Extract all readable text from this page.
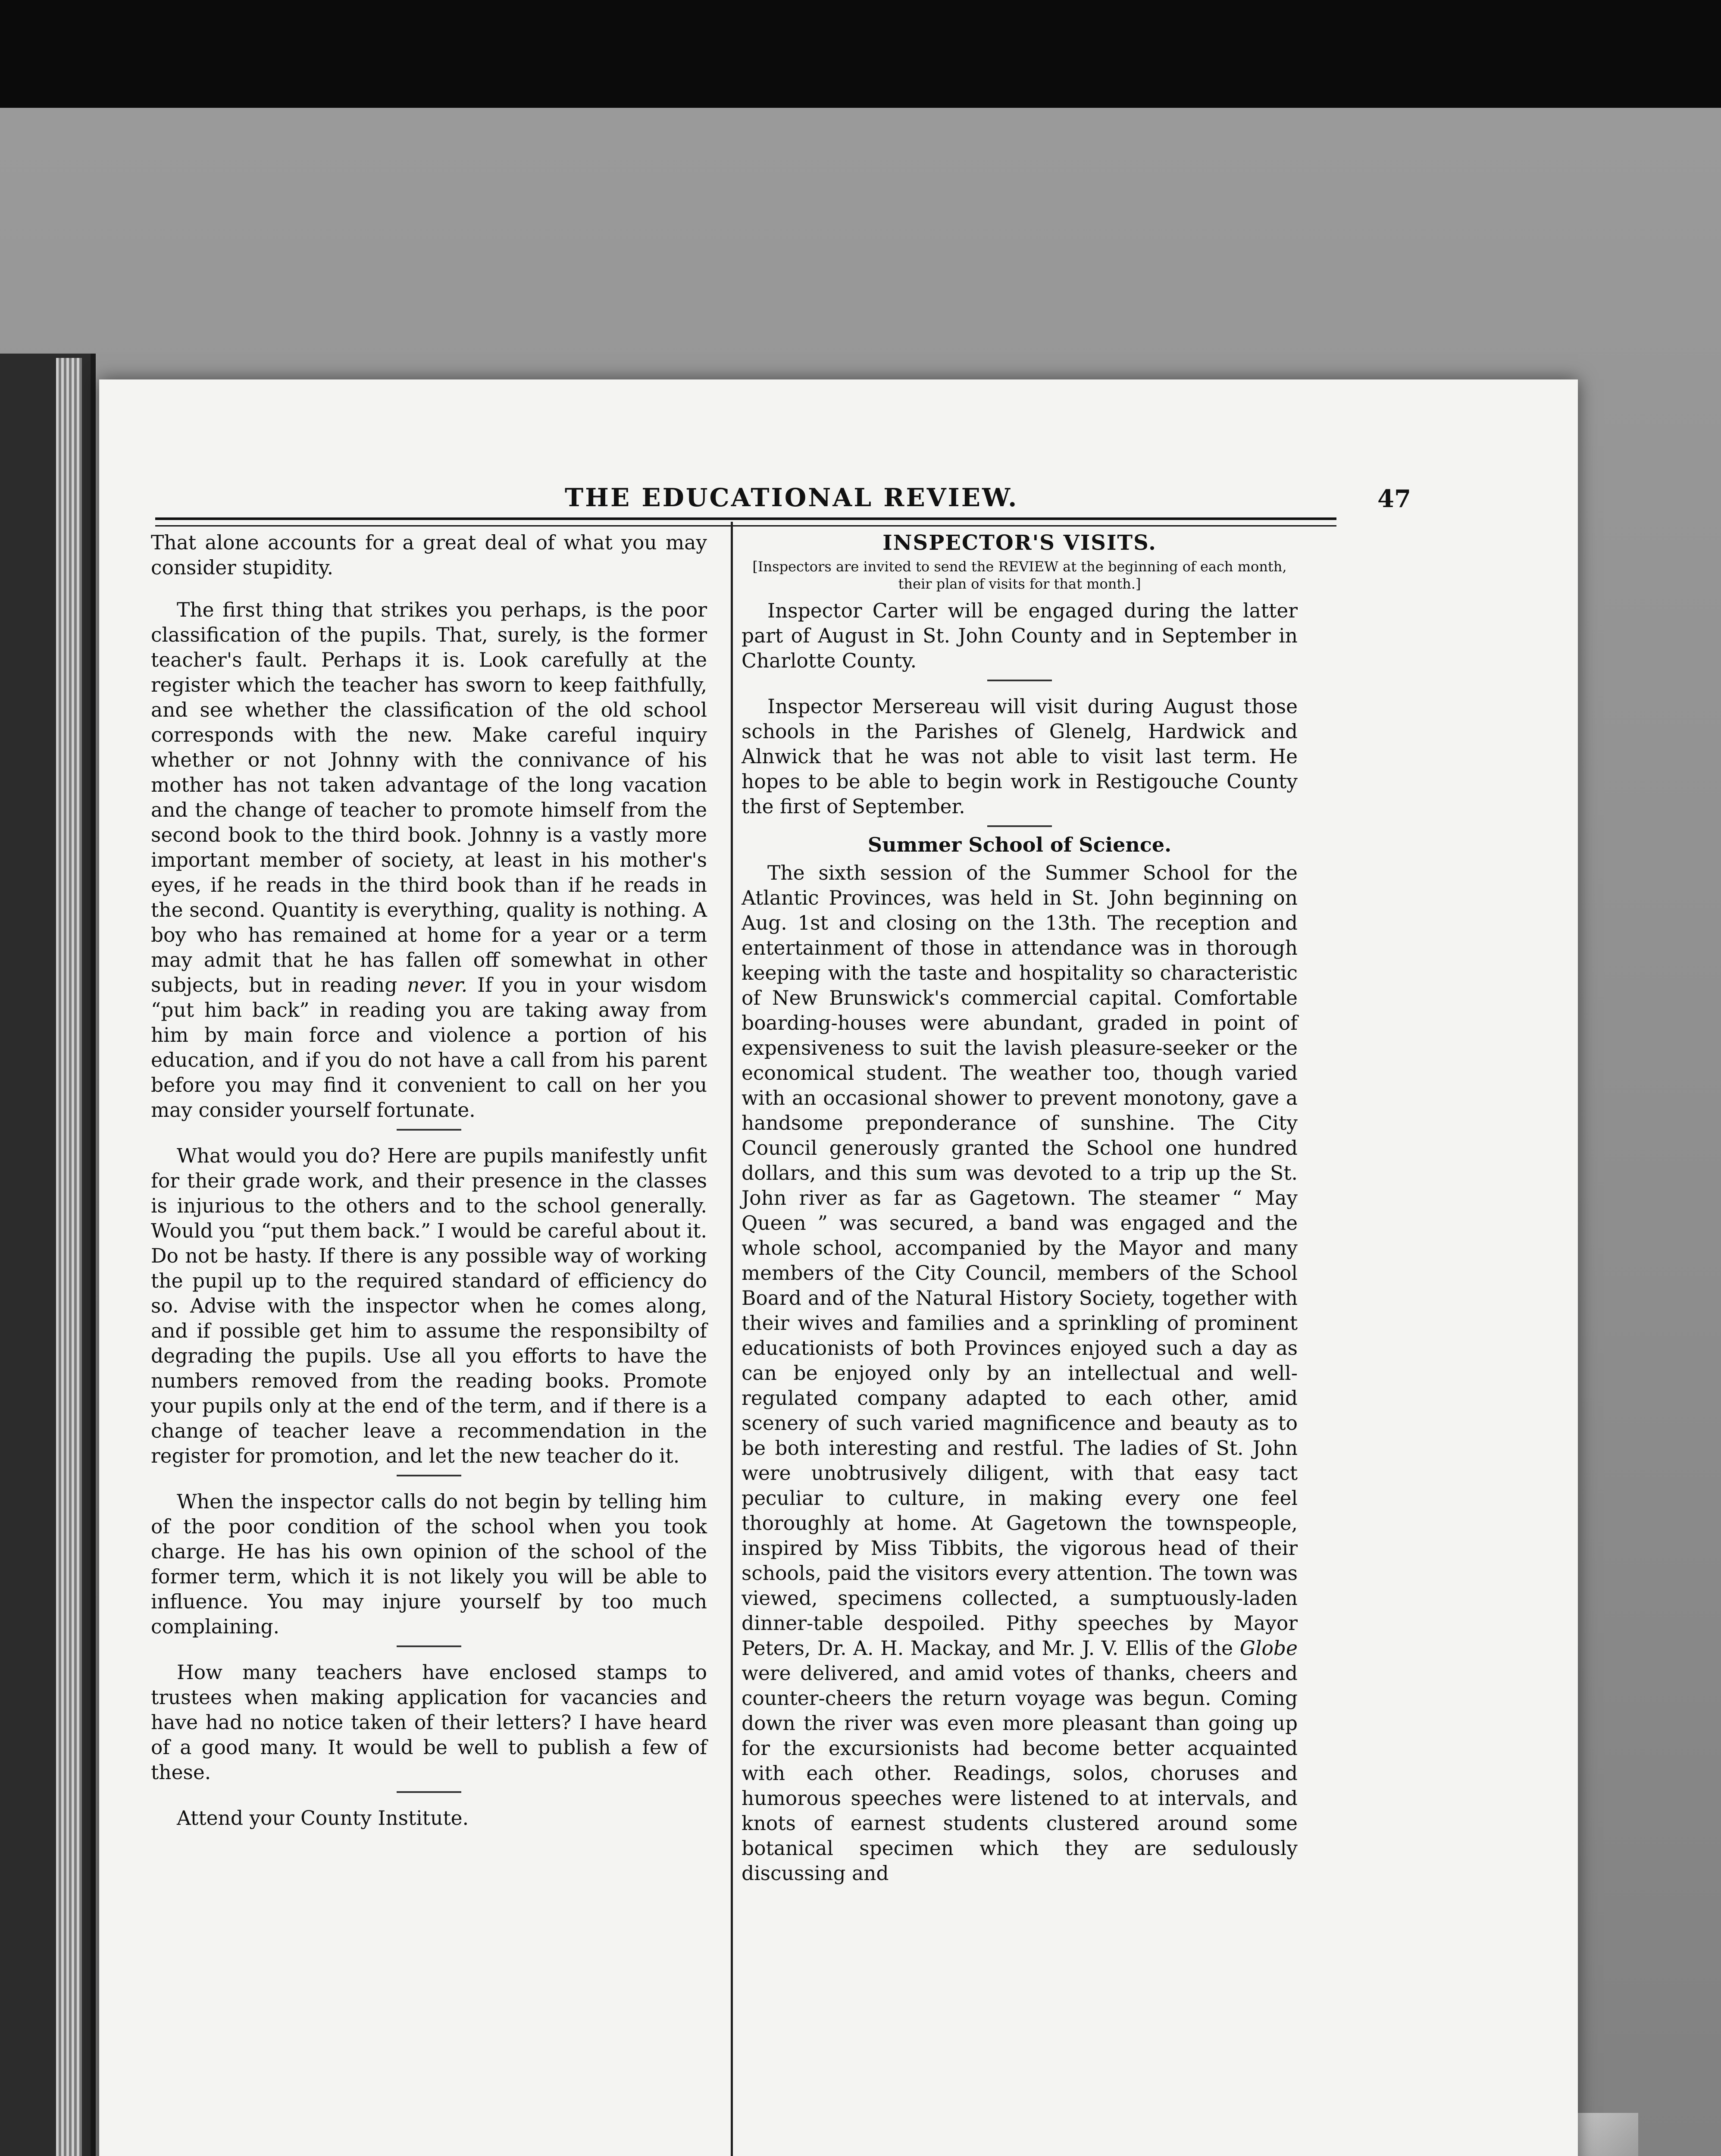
THE EDUCATIONAL REVIEW.	47

That alone accounts for a great deal of what you may consider stupidity.

The first thing that strikes you perhaps, is the poor classification of the pupils. That, surely, is the former teacher's fault. Perhaps it is. Look carefully at the register which the teacher has sworn to keep faithfully, and see whether the classification of the old school corresponds with the new. Make careful inquiry whether or not Johnny with the connivance of his mother has not taken advantage of the long vacation and the change of teacher to promote himself from the second book to the third book. Johnny is a vastly more important member of society, at least in his mother's eyes, if he reads in the third book than if he reads in the second. Quantity is everything, quality is nothing. A boy who has remained at home for a year or a term may admit that he has fallen off somewhat in other subjects, but in reading never. If you in your wisdom “put him back” in reading you are taking away from him by main force and violence a portion of his education, and if you do not have a call from his parent before you may find it convenient to call on her you may consider yourself fortunate.

What would you do? Here are pupils manifestly unfit for their grade work, and their presence in the classes is injurious to the others and to the school generally. Would you “put them back.” I would be careful about it. Do not be hasty. If there is any possible way of working the pupil up to the required standard of efficiency do so. Advise with the inspector when he comes along, and if possible get him to assume the responsibilty of degrading the pupils. Use all you efforts to have the numbers removed from the reading books. Promote your pupils only at the end of the term, and if there is a change of teacher leave a recommendation in the register for promotion, and let the new teacher do it.

When the inspector calls do not begin by telling him of the poor condition of the school when you took charge. He has his own opinion of the school of the former term, which it is not likely you will be able to influence. You may injure yourself by too much complaining.

How many teachers have enclosed stamps to trustees when making application for vacancies and have had no notice taken of their letters? I have heard of a good many. It would be well to publish a few of these.

Attend your County Institute.

INSPECTOR'S VISITS.
[Inspectors are invited to send the REVIEW at the beginning of each month, their plan of visits for that month.]

Inspector Carter will be engaged during the latter part of August in St. John County and in September in Charlotte County.

Inspector Mersereau will visit during August those schools in the Parishes of Glenelg, Hardwick and Alnwick that he was not able to visit last term. He hopes to be able to begin work in Restigouche County the first of September.

Summer School of Science.

The sixth session of the Summer School for the Atlantic Provinces, was held in St. John beginning on Aug. 1st and closing on the 13th. The reception and entertainment of those in attendance was in thorough keeping with the taste and hospitality so characteristic of New Brunswick's commercial capital. Comfortable boarding-houses were abundant, graded in point of expensiveness to suit the lavish pleasure-seeker or the economical student. The weather too, though varied with an occasional shower to prevent monotony, gave a handsome preponderance of sunshine. The City Council generously granted the School one hundred dollars, and this sum was devoted to a trip up the St. John river as far as Gagetown. The steamer “ May Queen ” was secured, a band was engaged and the whole school, accompanied by the Mayor and many members of the City Council, members of the School Board and of the Natural History Society, together with their wives and families and a sprinkling of prominent educationists of both Provinces enjoyed such a day as can be enjoyed only by an intellectual and well-regulated company adapted to each other, amid scenery of such varied magnificence and beauty as to be both interesting and restful. The ladies of St. John were unobtrusively diligent, with that easy tact peculiar to culture, in making every one feel thoroughly at home. At Gagetown the townspeople, inspired by Miss Tibbits, the vigorous head of their schools, paid the visitors every attention. The town was viewed, specimens collected, a sumptuously-laden dinner-table despoiled. Pithy speeches by Mayor Peters, Dr. A. H. Mackay, and Mr. J. V. Ellis of the Globe were delivered, and amid votes of thanks, cheers and counter-cheers the return voyage was begun. Coming down the river was even more pleasant than going up for the excursionists had become better acquainted with each other. Readings, solos, choruses and humorous speeches were listened to at intervals, and knots of earnest students clustered around some botanical specimen which they are sedulously discussing and
